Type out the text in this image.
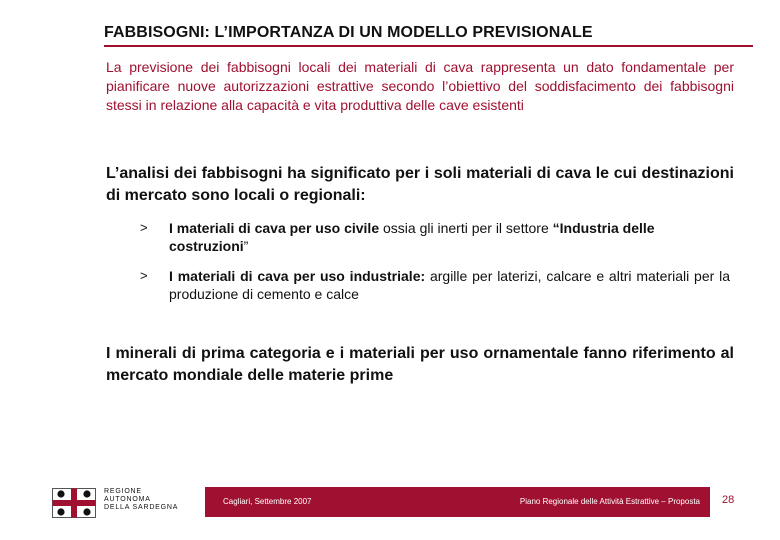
FABBISOGNI: L’IMPORTANZA DI UN MODELLO PREVISIONALE
La previsione dei fabbisogni locali dei materiali di cava rappresenta un dato fondamentale per pianificare nuove autorizzazioni estrattive secondo l’obiettivo del soddisfacimento dei fabbisogni stessi in relazione alla capacità e vita produttiva delle cave esistenti
L’analisi dei fabbisogni ha significato per i soli materiali di cava le cui destinazioni di mercato sono locali o regionali:
> I materiali di cava per uso civile ossia gli inerti per il settore “Industria delle costruzioni”
> I materiali di cava per uso industriale: argille per laterizi, calcare e altri materiali per la produzione di cemento e calce
I minerali di prima categoria e i materiali per uso ornamentale fanno riferimento al mercato mondiale delle materie prime
REGIONE
AUTONOMA
DELLA SARDEGNA
Cagliari, Settembre 2007	Piano Regionale delle Attività Estrattive – Proposta 28
